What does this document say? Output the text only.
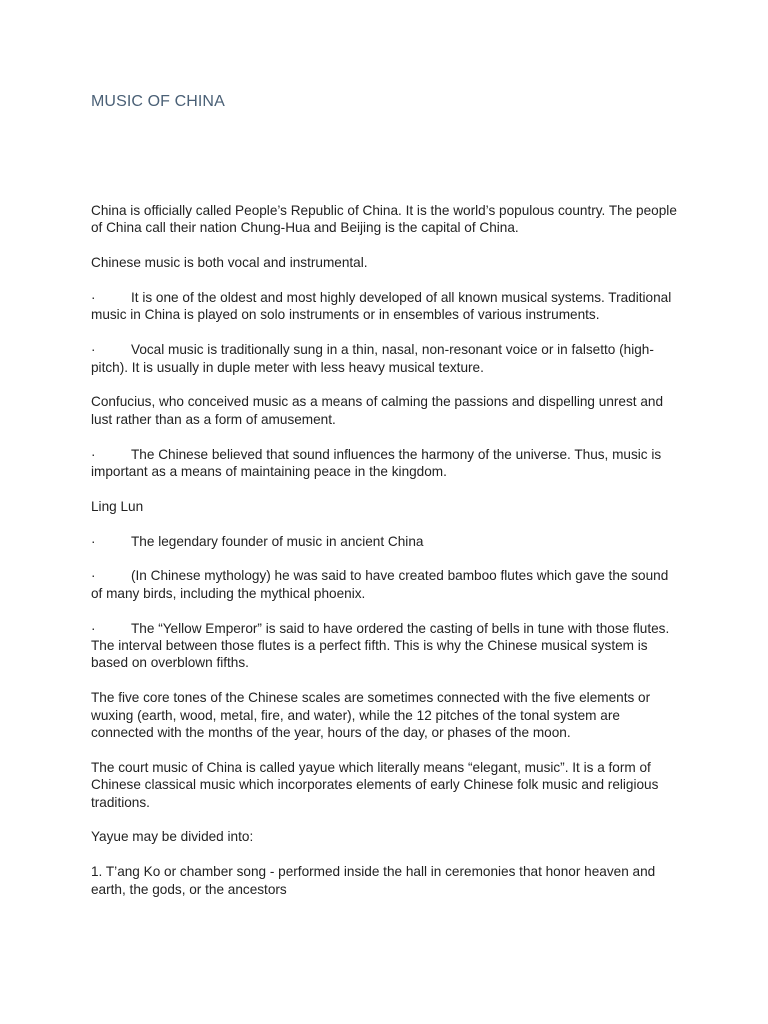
MUSIC OF CHINA

China is officially called People’s Republic of China. It is the world’s populous country. The people of China call their nation Chung-Hua and Beijing is the capital of China.

Chinese music is both vocal and instrumental.

·	It is one of the oldest and most highly developed of all known musical systems. Traditional music in China is played on solo instruments or in ensembles of various instruments.

·	Vocal music is traditionally sung in a thin, nasal, non-resonant voice or in falsetto (high-pitch). It is usually in duple meter with less heavy musical texture.

Confucius, who conceived music as a means of calming the passions and dispelling unrest and lust rather than as a form of amusement.

·	The Chinese believed that sound influences the harmony of the universe. Thus, music is important as a means of maintaining peace in the kingdom.

Ling Lun

·	The legendary founder of music in ancient China

·	(In Chinese mythology) he was said to have created bamboo flutes which gave the sound of many birds, including the mythical phoenix.

·	The “Yellow Emperor” is said to have ordered the casting of bells in tune with those flutes. The interval between those flutes is a perfect fifth. This is why the Chinese musical system is based on overblown fifths.

The five core tones of the Chinese scales are sometimes connected with the five elements or wuxing (earth, wood, metal, fire, and water), while the 12 pitches of the tonal system are connected with the months of the year, hours of the day, or phases of the moon.

The court music of China is called yayue which literally means “elegant, music”. It is a form of Chinese classical music which incorporates elements of early Chinese folk music and religious traditions.

Yayue may be divided into:

1. T’ang Ko or chamber song - performed inside the hall in ceremonies that honor heaven and earth, the gods, or the ancestors
